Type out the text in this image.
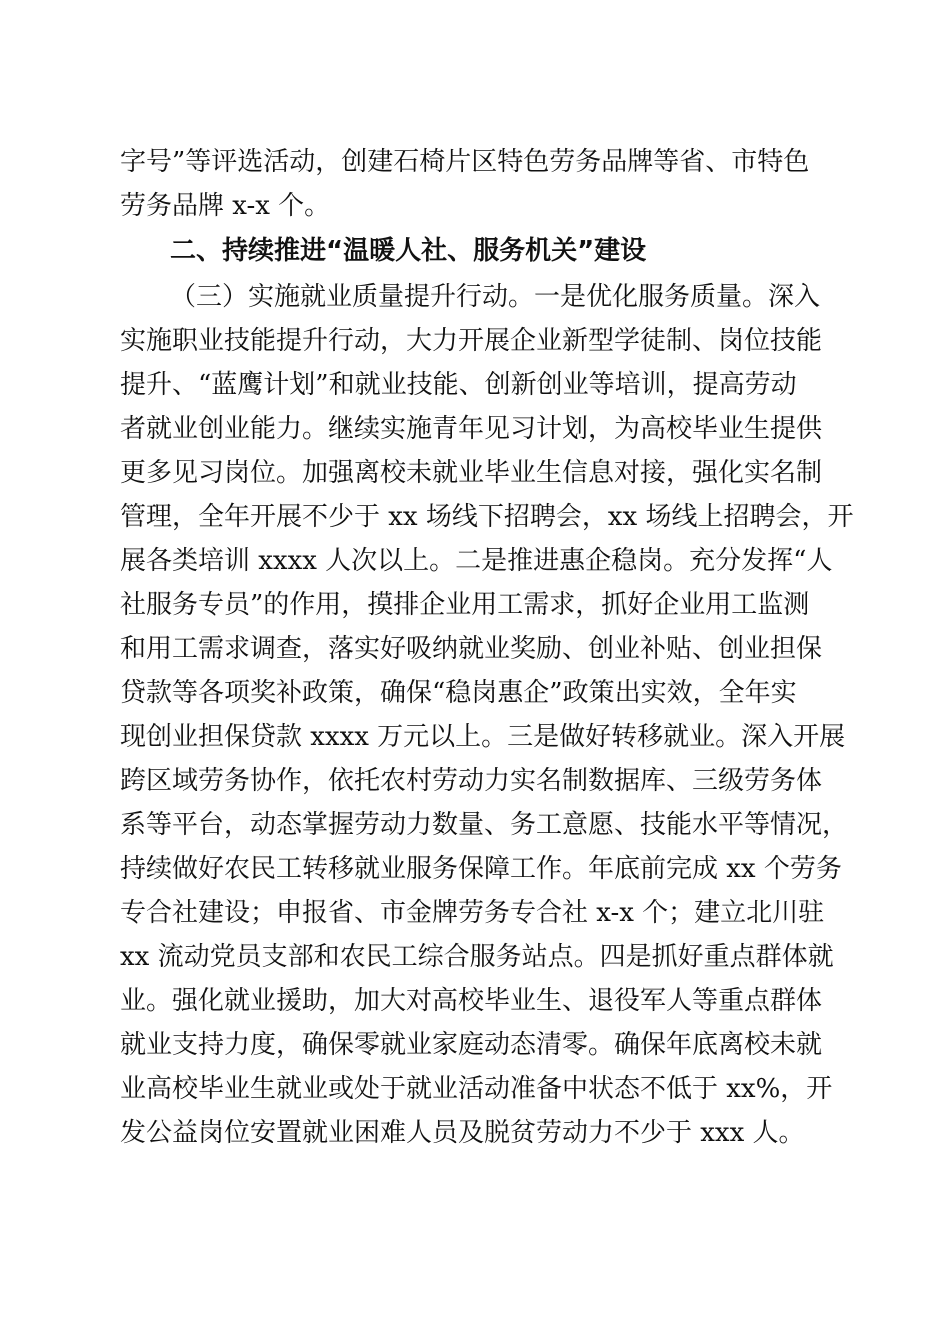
字号”等评选活动，创建石椅片区特色劳务品牌等省、市特色
劳务品牌 x-x 个。
二、持续推进“温暖人社、服务机关”建设
（三）实施就业质量提升行动。一是优化服务质量。深入
实施职业技能提升行动，大力开展企业新型学徒制、岗位技能
提升、“蓝鹰计划”和就业技能、创新创业等培训，提高劳动
者就业创业能力。继续实施青年见习计划，为高校毕业生提供
更多见习岗位。加强离校未就业毕业生信息对接，强化实名制
管理，全年开展不少于 xx 场线下招聘会，xx 场线上招聘会，开
展各类培训 xxxx 人次以上。二是推进惠企稳岗。充分发挥“人
社服务专员”的作用，摸排企业用工需求，抓好企业用工监测
和用工需求调查，落实好吸纳就业奖励、创业补贴、创业担保
贷款等各项奖补政策，确保“稳岗惠企”政策出实效，全年实
现创业担保贷款 xxxx 万元以上。三是做好转移就业。深入开展
跨区域劳务协作，依托农村劳动力实名制数据库、三级劳务体
系等平台，动态掌握劳动力数量、务工意愿、技能水平等情况，
持续做好农民工转移就业服务保障工作。年底前完成 xx 个劳务
专合社建设；申报省、市金牌劳务专合社 x-x 个；建立北川驻
xx 流动党员支部和农民工综合服务站点。四是抓好重点群体就
业。强化就业援助，加大对高校毕业生、退役军人等重点群体
就业支持力度，确保零就业家庭动态清零。确保年底离校未就
业高校毕业生就业或处于就业活动准备中状态不低于 xx%，开
发公益岗位安置就业困难人员及脱贫劳动力不少于 xxx 人。
